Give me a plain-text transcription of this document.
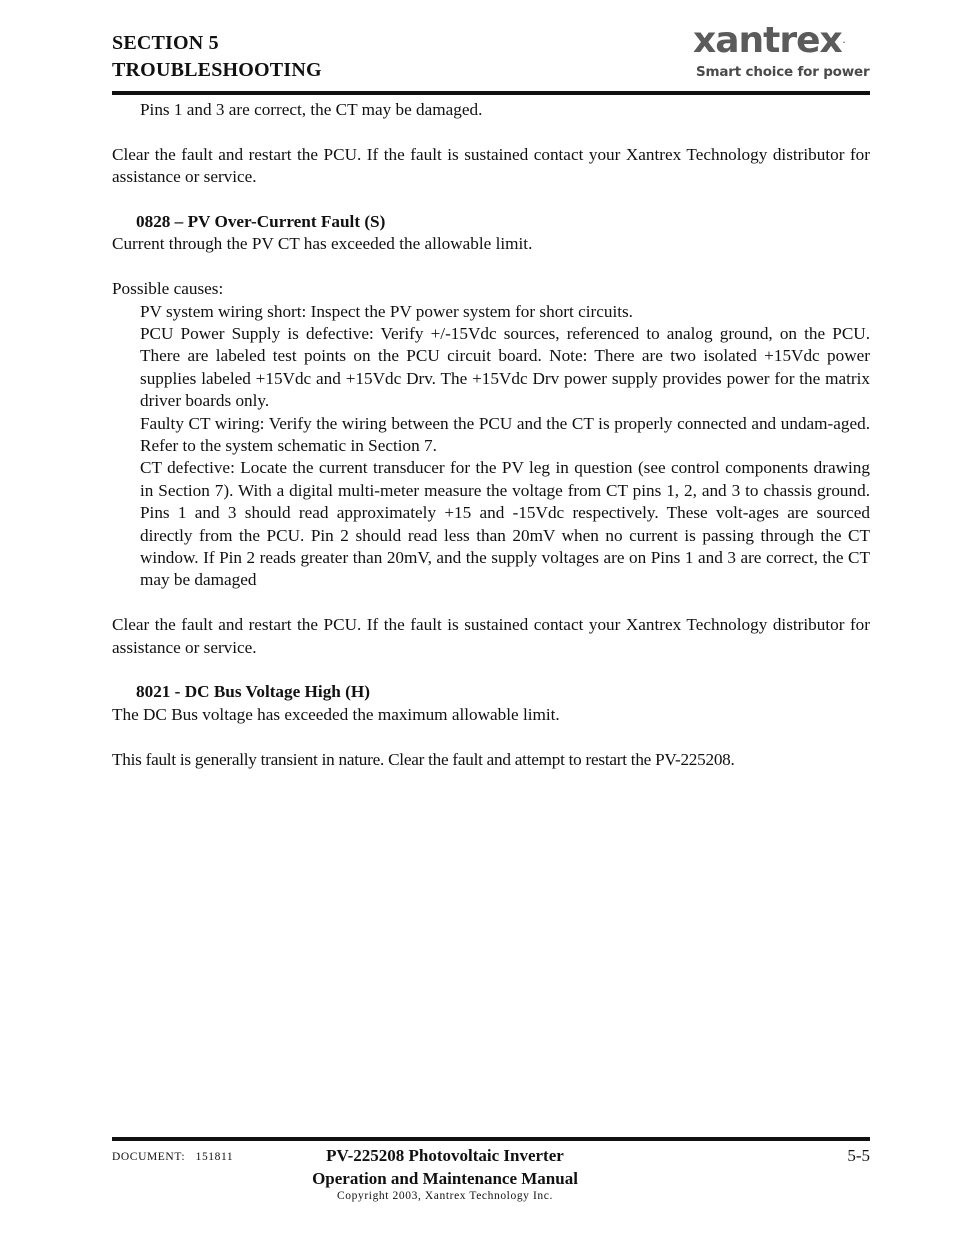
SECTION 5
TROUBLESHOOTING
xantrex.
Smart choice for power

Pins 1 and 3 are correct, the CT may be damaged.

Clear the fault and restart the PCU. If the fault is sustained contact your Xantrex Technology distributor for assistance or service.

0828 – PV Over-Current Fault (S)

Current through the PV CT has exceeded the allowable limit.

Possible causes:

PV system wiring short: Inspect the PV power system for short circuits.

PCU Power Supply is defective: Verify +/-15Vdc sources, referenced to analog ground, on the PCU. There are labeled test points on the PCU circuit board. Note: There are two isolated +15Vdc power supplies labeled +15Vdc and +15Vdc Drv. The +15Vdc Drv power supply provides power for the matrix driver boards only.

Faulty CT wiring: Verify the wiring between the PCU and the CT is properly connected and undam-aged. Refer to the system schematic in Section 7.

CT defective: Locate the current transducer for the PV leg in question (see control components drawing in Section 7). With a digital multi-meter measure the voltage from CT pins 1, 2, and 3 to chassis ground. Pins 1 and 3 should read approximately +15 and -15Vdc respectively. These volt-ages are sourced directly from the PCU. Pin 2 should read less than 20mV when no current is passing through the CT window. If Pin 2 reads greater than 20mV, and the supply voltages are on Pins 1 and 3 are correct, the CT may be damaged

Clear the fault and restart the PCU. If the fault is sustained contact your Xantrex Technology distributor for assistance or service.

8021 - DC Bus Voltage High (H)

The DC Bus voltage has exceeded the maximum allowable limit.

This fault is generally transient in nature. Clear the fault and attempt to restart the PV-225208.

DOCUMENT:   151811	PV-225208 Photovoltaic Inverter
Operation and Maintenance Manual
Copyright 2003, Xantrex Technology Inc.
5-5
